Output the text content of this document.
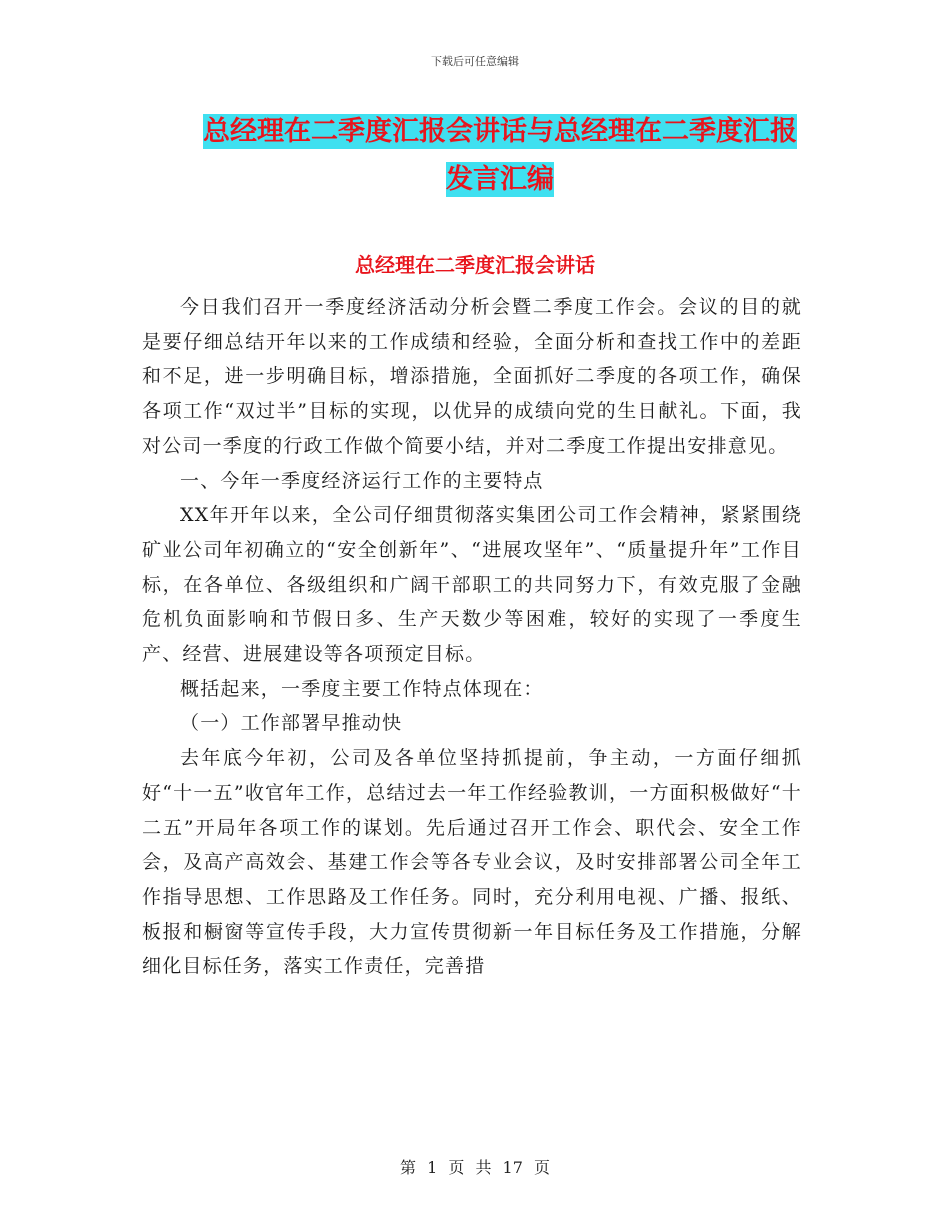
下载后可任意编辑
总经理在二季度汇报会讲话与总经理在二季度汇报发言汇编
总经理在二季度汇报会讲话

今日我们召开一季度经济活动分析会暨二季度工作会。会议的目的就是要仔细总结开年以来的工作成绩和经验，全面分析和查找工作中的差距和不足，进一步明确目标，增添措施，全面抓好二季度的各项工作，确保各项工作“双过半”目标的实现，以优异的成绩向党的生日献礼。下面，我对公司一季度的行政工作做个简要小结，并对二季度工作提出安排意见。

一、今年一季度经济运行工作的主要特点

XX年开年以来，全公司仔细贯彻落实集团公司工作会精神，紧紧围绕矿业公司年初确立的“安全创新年”、“进展攻坚年”、“质量提升年”工作目标，在各单位、各级组织和广阔干部职工的共同努力下，有效克服了金融危机负面影响和节假日多、生产天数少等困难，较好的实现了一季度生产、经营、进展建设等各项预定目标。

概括起来，一季度主要工作特点体现在：

（一）工作部署早推动快

去年底今年初，公司及各单位坚持抓提前，争主动，一方面仔细抓好“十一五”收官年工作，总结过去一年工作经验教训，一方面积极做好“十二五”开局年各项工作的谋划。先后通过召开工作会、职代会、安全工作会，及高产高效会、基建工作会等各专业会议，及时安排部署公司全年工作指导思想、工作思路及工作任务。同时，充分利用电视、广播、报纸、板报和橱窗等宣传手段，大力宣传贯彻新一年目标任务及工作措施，分解细化目标任务，落实工作责任，完善措

第 1 页 共 17 页
